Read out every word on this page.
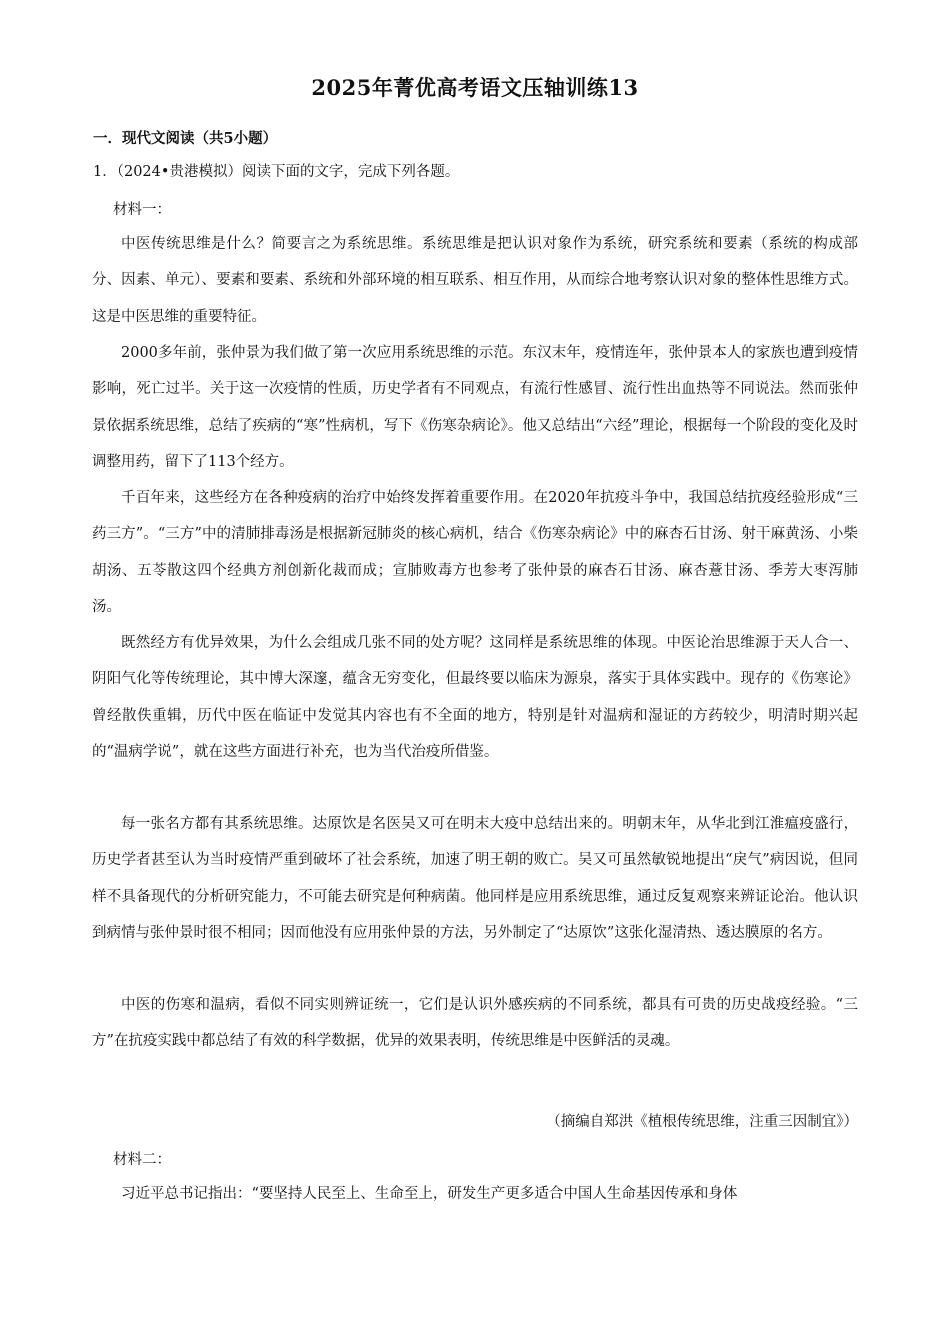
2025年菁优高考语文压轴训练13
一．现代文阅读（共5小题）
1．（2024•贵港模拟）阅读下面的文字，完成下列各题。
材料一：

中医传统思维是什么？简要言之为系统思维。系统思维是把认识对象作为系统，研究系统和要素（系统的构成部分、因素、单元）、要素和要素、系统和外部环境的相互联系、相互作用，从而综合地考察认识对象的整体性思维方式。这是中医思维的重要特征。

2000多年前，张仲景为我们做了第一次应用系统思维的示范。东汉末年，疫情连年，张仲景本人的家族也遭到疫情影响，死亡过半。关于这一次疫情的性质，历史学者有不同观点，有流行性感冒、流行性出血热等不同说法。然而张仲景依据系统思维，总结了疾病的“寒”性病机，写下《伤寒杂病论》。他又总结出“六经”理论，根据每一个阶段的变化及时调整用药，留下了113个经方。

千百年来，这些经方在各种疫病的治疗中始终发挥着重要作用。在2020年抗疫斗争中，我国总结抗疫经验形成“三药三方”。“三方”中的清肺排毒汤是根据新冠肺炎的核心病机，结合《伤寒杂病论》中的麻杏石甘汤、射干麻黄汤、小柴胡汤、五苓散这四个经典方剂创新化裁而成；宣肺败毒方也参考了张仲景的麻杏石甘汤、麻杏薏甘汤、季芳大枣泻肺汤。

既然经方有优异效果，为什么会组成几张不同的处方呢？这同样是系统思维的体现。中医论治思维源于天人合一、阴阳气化等传统理论，其中博大深邃，蕴含无穷变化，但最终要以临床为源泉，落实于具体实践中。现存的《伤寒论》曾经散佚重辑，历代中医在临证中发觉其内容也有不全面的地方，特别是针对温病和湿证的方药较少，明清时期兴起的“温病学说”，就在这些方面进行补充，也为当代治疫所借鉴。

每一张名方都有其系统思维。达原饮是名医吴又可在明末大疫中总结出来的。明朝末年，从华北到江淮瘟疫盛行，历史学者甚至认为当时疫情严重到破坏了社会系统，加速了明王朝的败亡。吴又可虽然敏锐地提出“戾气”病因说，但同样不具备现代的分析研究能力，不可能去研究是何种病菌。他同样是应用系统思维，通过反复观察来辨证论治。他认识到病情与张仲景时很不相同；因而他没有应用张仲景的方法，另外制定了“达原饮”这张化湿清热、透达膜原的名方。

中医的伤寒和温病，看似不同实则辨证统一，它们是认识外感疾病的不同系统，都具有可贵的历史战疫经验。“三方”在抗疫实践中都总结了有效的科学数据，优异的效果表明，传统思维是中医鲜活的灵魂。

（摘编自郑洪《植根传统思维，注重三因制宜》）
材料二：

习近平总书记指出：“要坚持人民至上、生命至上，研发生产更多适合中国人生命基因传承和身体
